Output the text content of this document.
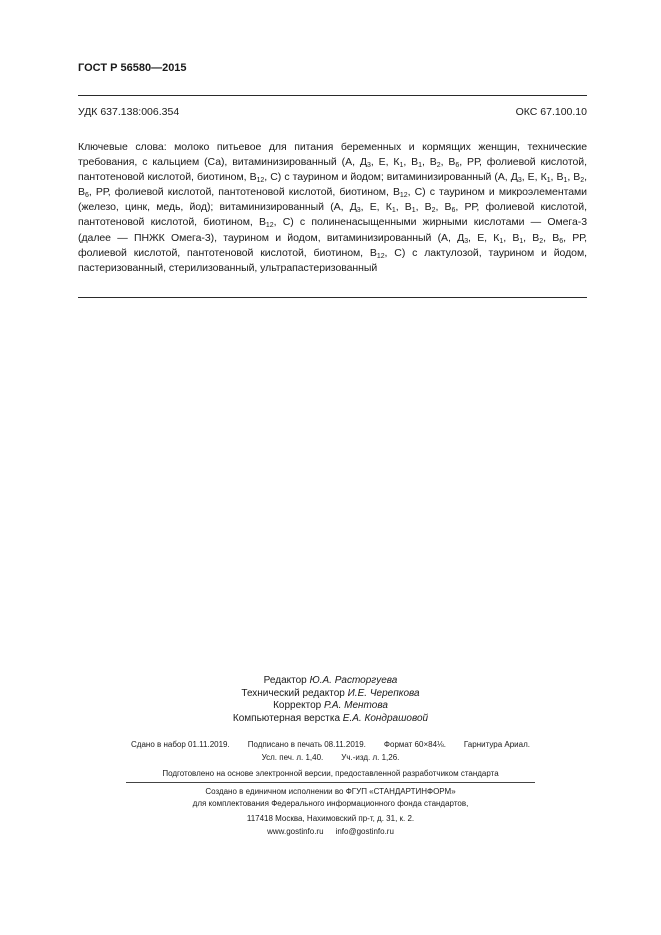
ГОСТ Р 56580—2015
УДК 637.138:006.354	ОКС 67.100.10
Ключевые слова: молоко питьевое для питания беременных и кормящих женщин, технические требования, с кальцием (Са), витаминизированный (А, $Д_3$, Е, $К_1$, $В_1$, $В_2$, $В_6$, РР, фолиевой кислотой, пантотеновой кислотой, биотином, $В_{12}$, С) с таурином и йодом; витаминизированный (А, $Д_3$, Е, $К_1$, $В_1$, $В_2$, $В_6$, РР, фолиевой кислотой, пантотеновой кислотой, биотином, $В_{12}$, С) с таурином и микроэлементами (железо, цинк, медь, йод); витаминизированный (А, $Д_3$, Е, $К_1$, $В_1$, $В_2$, $В_6$, РР, фолиевой кислотой, пантотеновой кислотой, биотином, $В_{12}$, С) с полиненасыщенными жирными кислотами — Омега-3 (далее — ПНЖК Омега-3), таурином и йодом, витаминизированный (А, $Д_3$, Е, $К_1$, $В_1$, $В_2$, $В_6$, РР, фолиевой кислотой, пантотеновой кислотой, биотином, $В_{12}$, С) с лактулозой, таурином и йодом, пастеризованный, стерилизованный, ультрапастеризованный
Редактор Ю.А. Расторгуева
Технический редактор И.Е. Черепкова
Корректор Р.А. Ментова
Компьютерная верстка Е.А. Кондрашовой
Сдано в набор 01.11.2019. Подписано в печать 08.11.2019. Формат 60×84⅛. Гарнитура Ариал.
Усл. печ. л. 1,40. Уч.-изд. л. 1,26.
Подготовлено на основе электронной версии, предоставленной разработчиком стандарта
Создано в единичном исполнении во ФГУП «СТАНДАРТИНФОРМ»
для комплектования Федерального информационного фонда стандартов,
117418 Москва, Нахимовский пр-т, д. 31, к. 2.
www.gostinfo.ru info@gostinfo.ru
